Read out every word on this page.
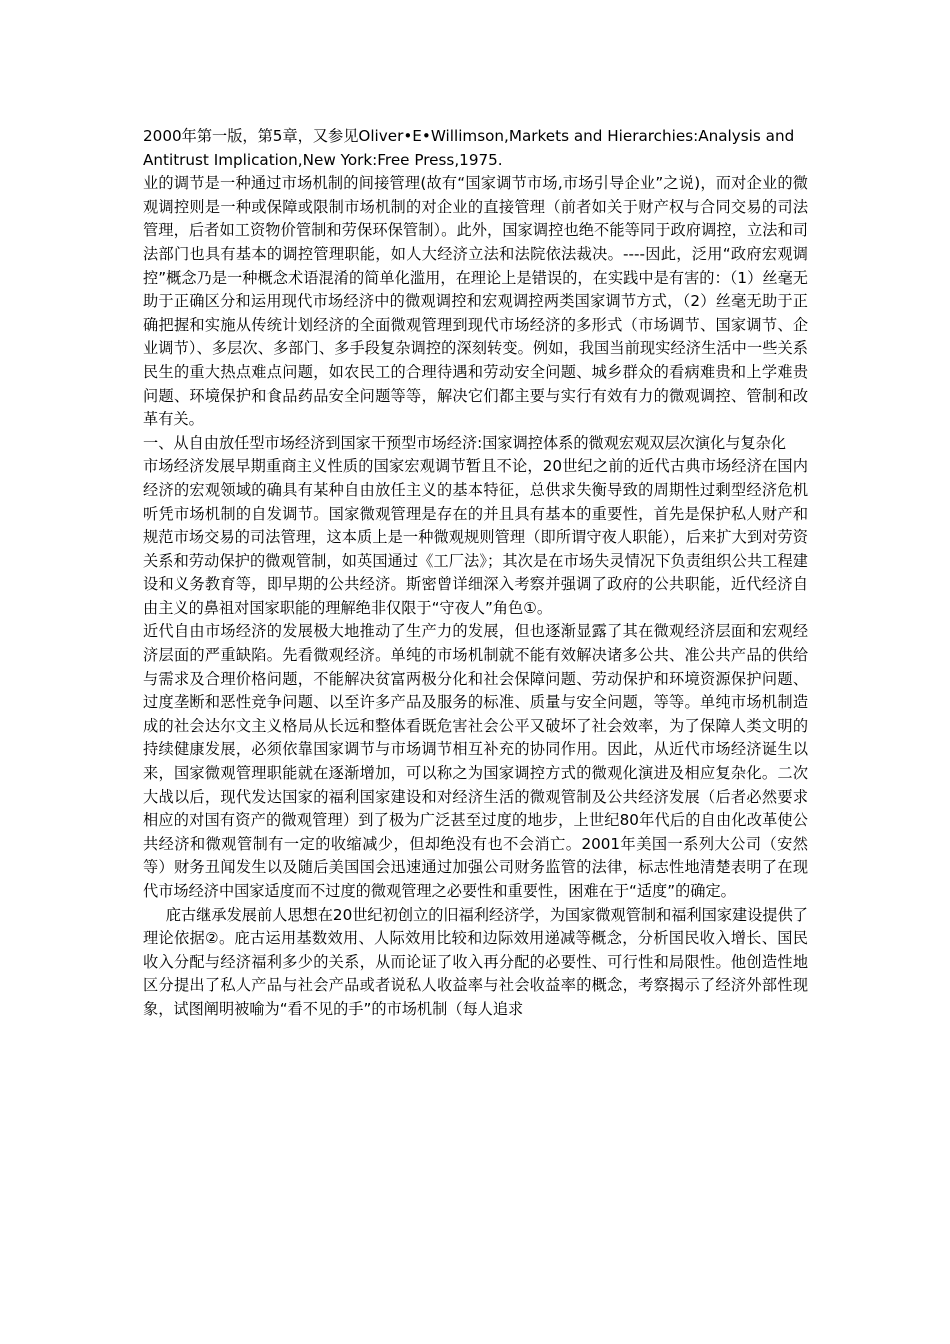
2000年第一版，第5章，又参见Oliver•E•Willimson,Markets and Hierarchies:Analysis and Antitrust Implication,New York:Free Press,1975.

业的调节是一种通过市场机制的间接管理(故有“国家调节市场,市场引导企业”之说)，而对企业的微观调控则是一种或保障或限制市场机制的对企业的直接管理（前者如关于财产权与合同交易的司法管理，后者如工资物价管制和劳保环保管制）。此外，国家调控也绝不能等同于政府调控，立法和司法部门也具有基本的调控管理职能，如人大经济立法和法院依法裁决。----因此，泛用“政府宏观调控”概念乃是一种概念术语混淆的简单化滥用，在理论上是错误的，在实践中是有害的：（1）丝毫无助于正确区分和运用现代市场经济中的微观调控和宏观调控两类国家调节方式，（2）丝毫无助于正确把握和实施从传统计划经济的全面微观管理到现代市场经济的多形式（市场调节、国家调节、企业调节）、多层次、多部门、多手段复杂调控的深刻转变。例如，我国当前现实经济生活中一些关系民生的重大热点难点问题，如农民工的合理待遇和劳动安全问题、城乡群众的看病难贵和上学难贵问题、环境保护和食品药品安全问题等等，解决它们都主要与实行有效有力的微观调控、管制和改革有关。

一、从自由放任型市场经济到国家干预型市场经济:国家调控体系的微观宏观双层次演化与复杂化

市场经济发展早期重商主义性质的国家宏观调节暂且不论，20世纪之前的近代古典市场经济在国内经济的宏观领域的确具有某种自由放任主义的基本特征，总供求失衡导致的周期性过剩型经济危机听凭市场机制的自发调节。国家微观管理是存在的并且具有基本的重要性，首先是保护私人财产和规范市场交易的司法管理，这本质上是一种微观规则管理（即所谓守夜人职能），后来扩大到对劳资关系和劳动保护的微观管制，如英国通过《工厂法》；其次是在市场失灵情况下负责组织公共工程建设和义务教育等，即早期的公共经济。斯密曾详细深入考察并强调了政府的公共职能，近代经济自由主义的鼻祖对国家职能的理解绝非仅限于“守夜人”角色①。

近代自由市场经济的发展极大地推动了生产力的发展，但也逐渐显露了其在微观经济层面和宏观经济层面的严重缺陷。先看微观经济。单纯的市场机制就不能有效解决诸多公共、准公共产品的供给与需求及合理价格问题，不能解决贫富两极分化和社会保障问题、劳动保护和环境资源保护问题、过度垄断和恶性竞争问题、以至许多产品及服务的标准、质量与安全问题，等等。单纯市场机制造成的社会达尔文主义格局从长远和整体看既危害社会公平又破坏了社会效率，为了保障人类文明的持续健康发展，必须依靠国家调节与市场调节相互补充的协同作用。因此，从近代市场经济诞生以来，国家微观管理职能就在逐渐增加，可以称之为国家调控方式的微观化演进及相应复杂化。二次大战以后，现代发达国家的福利国家建设和对经济生活的微观管制及公共经济发展（后者必然要求相应的对国有资产的微观管理）到了极为广泛甚至过度的地步，上世纪80年代后的自由化改革使公共经济和微观管制有一定的收缩减少，但却绝没有也不会消亡。2001年美国一系列大公司（安然等）财务丑闻发生以及随后美国国会迅速通过加强公司财务监管的法律，标志性地清楚表明了在现代市场经济中国家适度而不过度的微观管理之必要性和重要性，困难在于“适度”的确定。

庇古继承发展前人思想在20世纪初创立的旧福利经济学，为国家微观管制和福利国家建设提供了理论依据②。庇古运用基数效用、人际效用比较和边际效用递减等概念，分析国民收入增长、国民收入分配与经济福利多少的关系，从而论证了收入再分配的必要性、可行性和局限性。他创造性地区分提出了私人产品与社会产品或者说私人收益率与社会收益率的概念，考察揭示了经济外部性现象，试图阐明被喻为“看不见的手”的市场机制（每人追求
